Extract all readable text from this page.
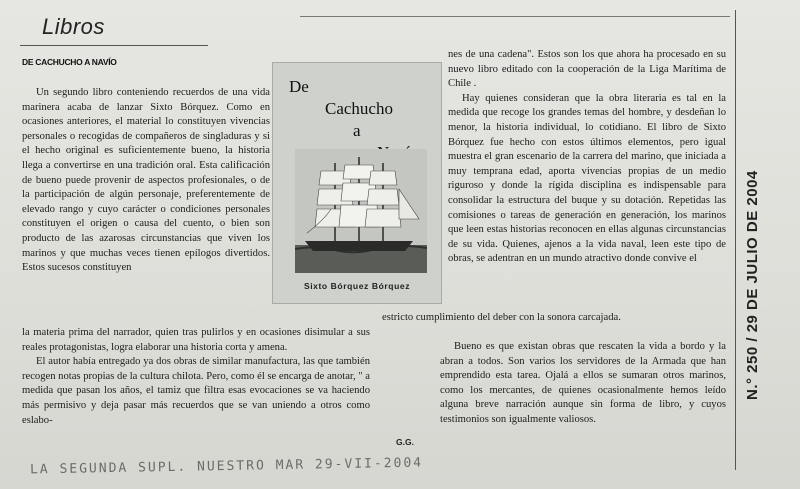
Libros
DE CACHUCHO A NAVÍO

Un segundo libro conteniendo recuerdos de una vida marinera acaba de lanzar Sixto Bórquez. Como en ocasiones anteriores, el material lo constituyen vivencias personales o recogidas de compañeros de singladuras y si el hecho original es suficientemente bueno, la historia llega a convertirse en una tradición oral. Esta calificación de bueno puede provenir de aspectos profesionales, o de la participación de algún personaje, preferentemente de elevado rango y cuyo carácter o condiciones personales constituyen el origen o causa del cuento, o bien son producto de las azarosas circunstancias que viven los marinos y que muchas veces tienen epílogos divertidos. Estos sucesos constituyen

De
Cachucho
a
Sixto Bórquez Bórquez

la materia prima del narrador, quien tras pulirlos y en ocasiones disimular a sus reales protagonistas, logra elaborar una historia corta y amena.

El autor había entregado ya dos obras de similar manufactura, las que también recogen notas propias de la cultura chilota. Pero, como él se encarga de anotar, " a medida que pasan los años, el tamiz que filtra esas evocaciones se va haciendo más permisivo y deja pasar más recuerdos que se van uniendo a otros como eslabo-

nes de una cadena". Estos son los que ahora ha procesado en su nuevo libro editado con la cooperación de la Liga Marítima de Chile .

Hay quienes consideran que la obra literaria es tal en la medida que recoge los grandes temas del hombre, y desdeñan lo menor, la historia individual, lo cotidiano. El libro de Sixto Bórquez fue hecho con estos últimos elementos, pero igual muestra el gran escenario de la carrera del marino, que iniciada a muy temprana edad, aporta vivencias propias de un medio riguroso y donde la rígida disciplina es indispensable para consolidar la estructura del buque y su dotación. Repetidas las comisiones o tareas de generación en generación, los marinos que leen estas historias reconocen en ellas algunas circunstancias de su vida. Quienes, ajenos a la vida naval, leen este tipo de obras, se adentran en un mundo atractivo donde convive el

estricto cumplimiento del deber con la sonora carcajada.

Bueno es que existan obras que rescaten la vida a bordo y la abran a todos. Son varios los servidores de la Armada que han emprendido esta tarea. Ojalá a ellos se sumaran otros marinos, como los mercantes, de quienes ocasionalmente hemos leído alguna breve narración aunque sin forma de libro, y cuyos testimonios son igualmente valiosos.

G.G.
N.° 250 / 29 DE JULIO DE 2004
LA SEGUNDA SUPL. NUESTRO MAR 29-VII-2004
